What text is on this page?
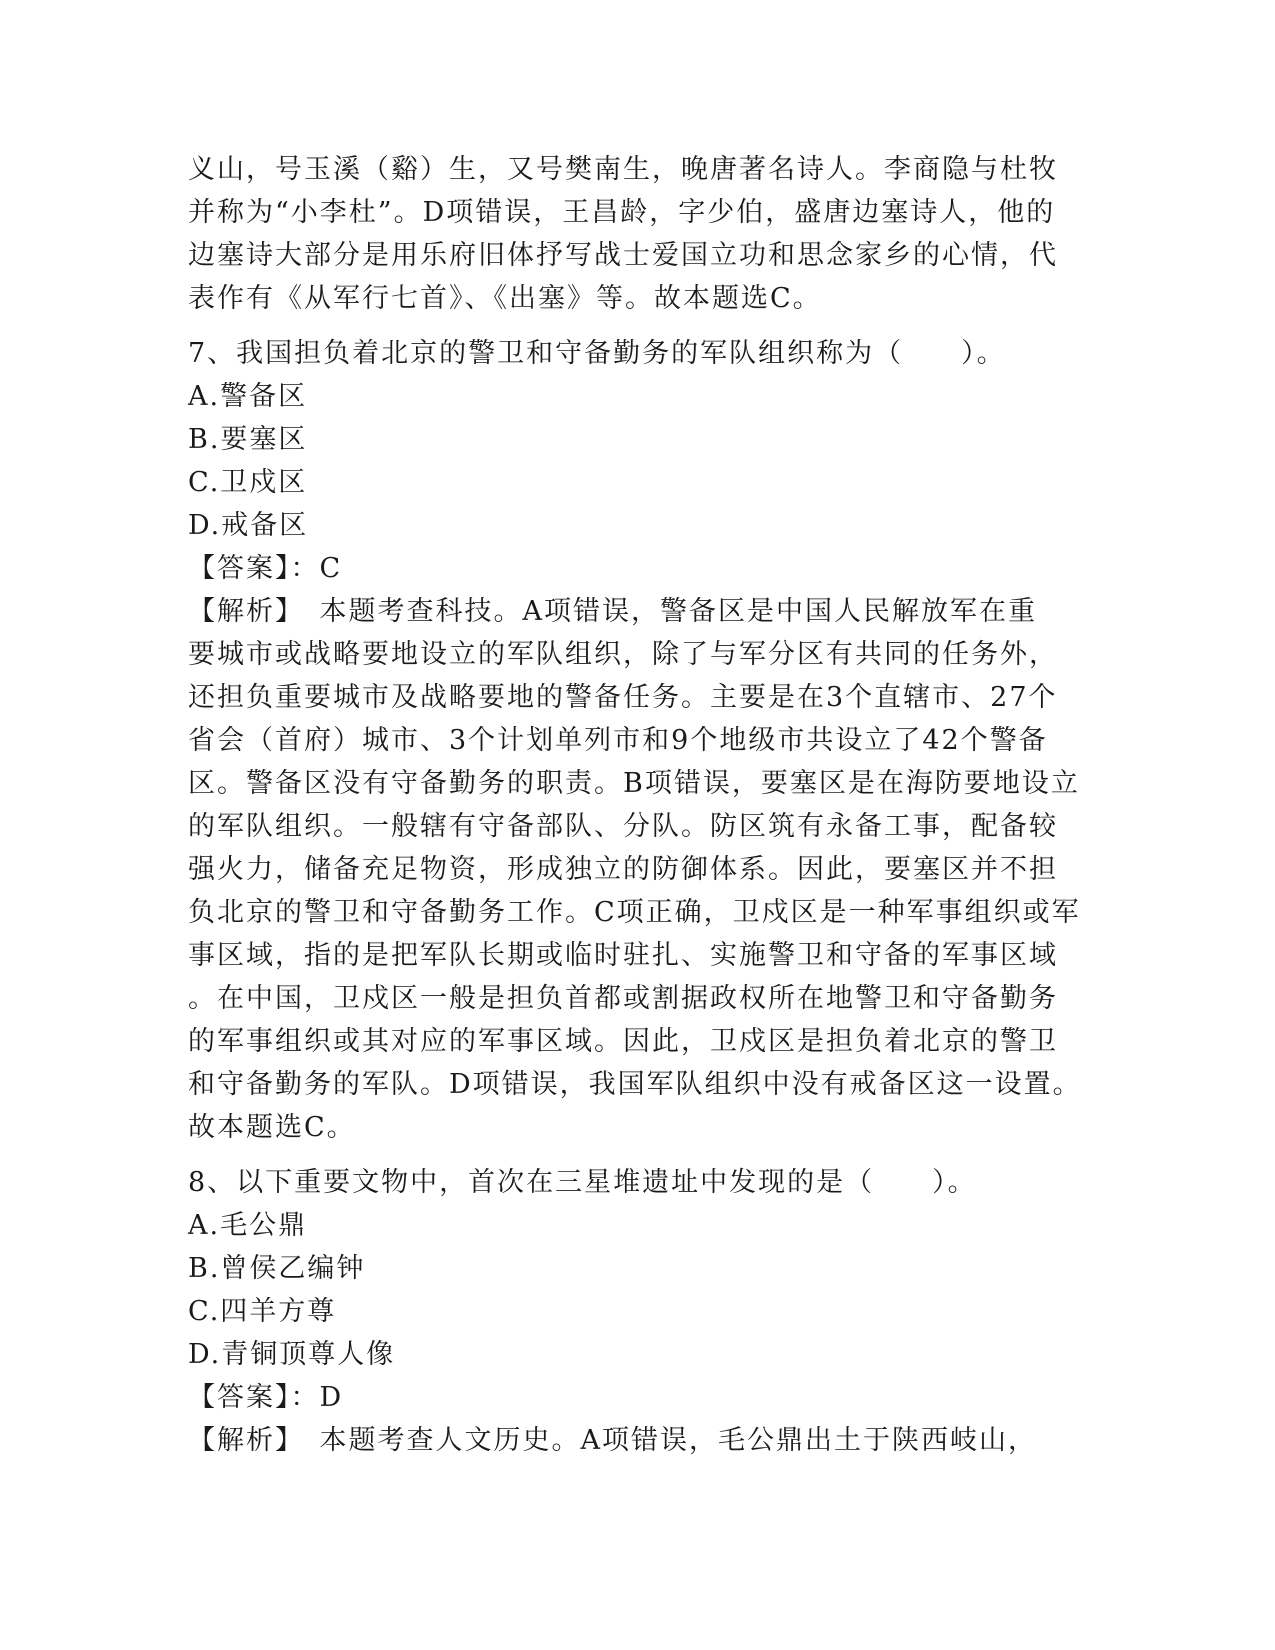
义山，号玉溪（谿）生，又号樊南生，晚唐著名诗人。李商隐与杜牧
并称为“小李杜”。D项错误，王昌龄，字少伯，盛唐边塞诗人，他的
边塞诗大部分是用乐府旧体抒写战士爱国立功和思念家乡的心情，代
表作有《从军行七首》、《出塞》等。故本题选C。
7、我国担负着北京的警卫和守备勤务的军队组织称为（　　）。
A.警备区
B.要塞区
C.卫戍区
D.戒备区
【答案】：C
【解析】　本题考查科技。A项错误，警备区是中国人民解放军在重
要城市或战略要地设立的军队组织，除了与军分区有共同的任务外，
还担负重要城市及战略要地的警备任务。主要是在3个直辖市、27个
省会（首府）城市、3个计划单列市和9个地级市共设立了42个警备
区。警备区没有守备勤务的职责。B项错误，要塞区是在海防要地设立
的军队组织。一般辖有守备部队、分队。防区筑有永备工事，配备较
强火力，储备充足物资，形成独立的防御体系。因此，要塞区并不担
负北京的警卫和守备勤务工作。C项正确，卫戍区是一种军事组织或军
事区域，指的是把军队长期或临时驻扎、实施警卫和守备的军事区域
。在中国，卫戍区一般是担负首都或割据政权所在地警卫和守备勤务
的军事组织或其对应的军事区域。因此，卫戍区是担负着北京的警卫
和守备勤务的军队。D项错误，我国军队组织中没有戒备区这一设置。
故本题选C。
8、以下重要文物中，首次在三星堆遗址中发现的是（　　）。
A.毛公鼎
B.曾侯乙编钟
C.四羊方尊
D.青铜顶尊人像
【答案】：D
【解析】　本题考查人文历史。A项错误，毛公鼎出土于陕西岐山，
